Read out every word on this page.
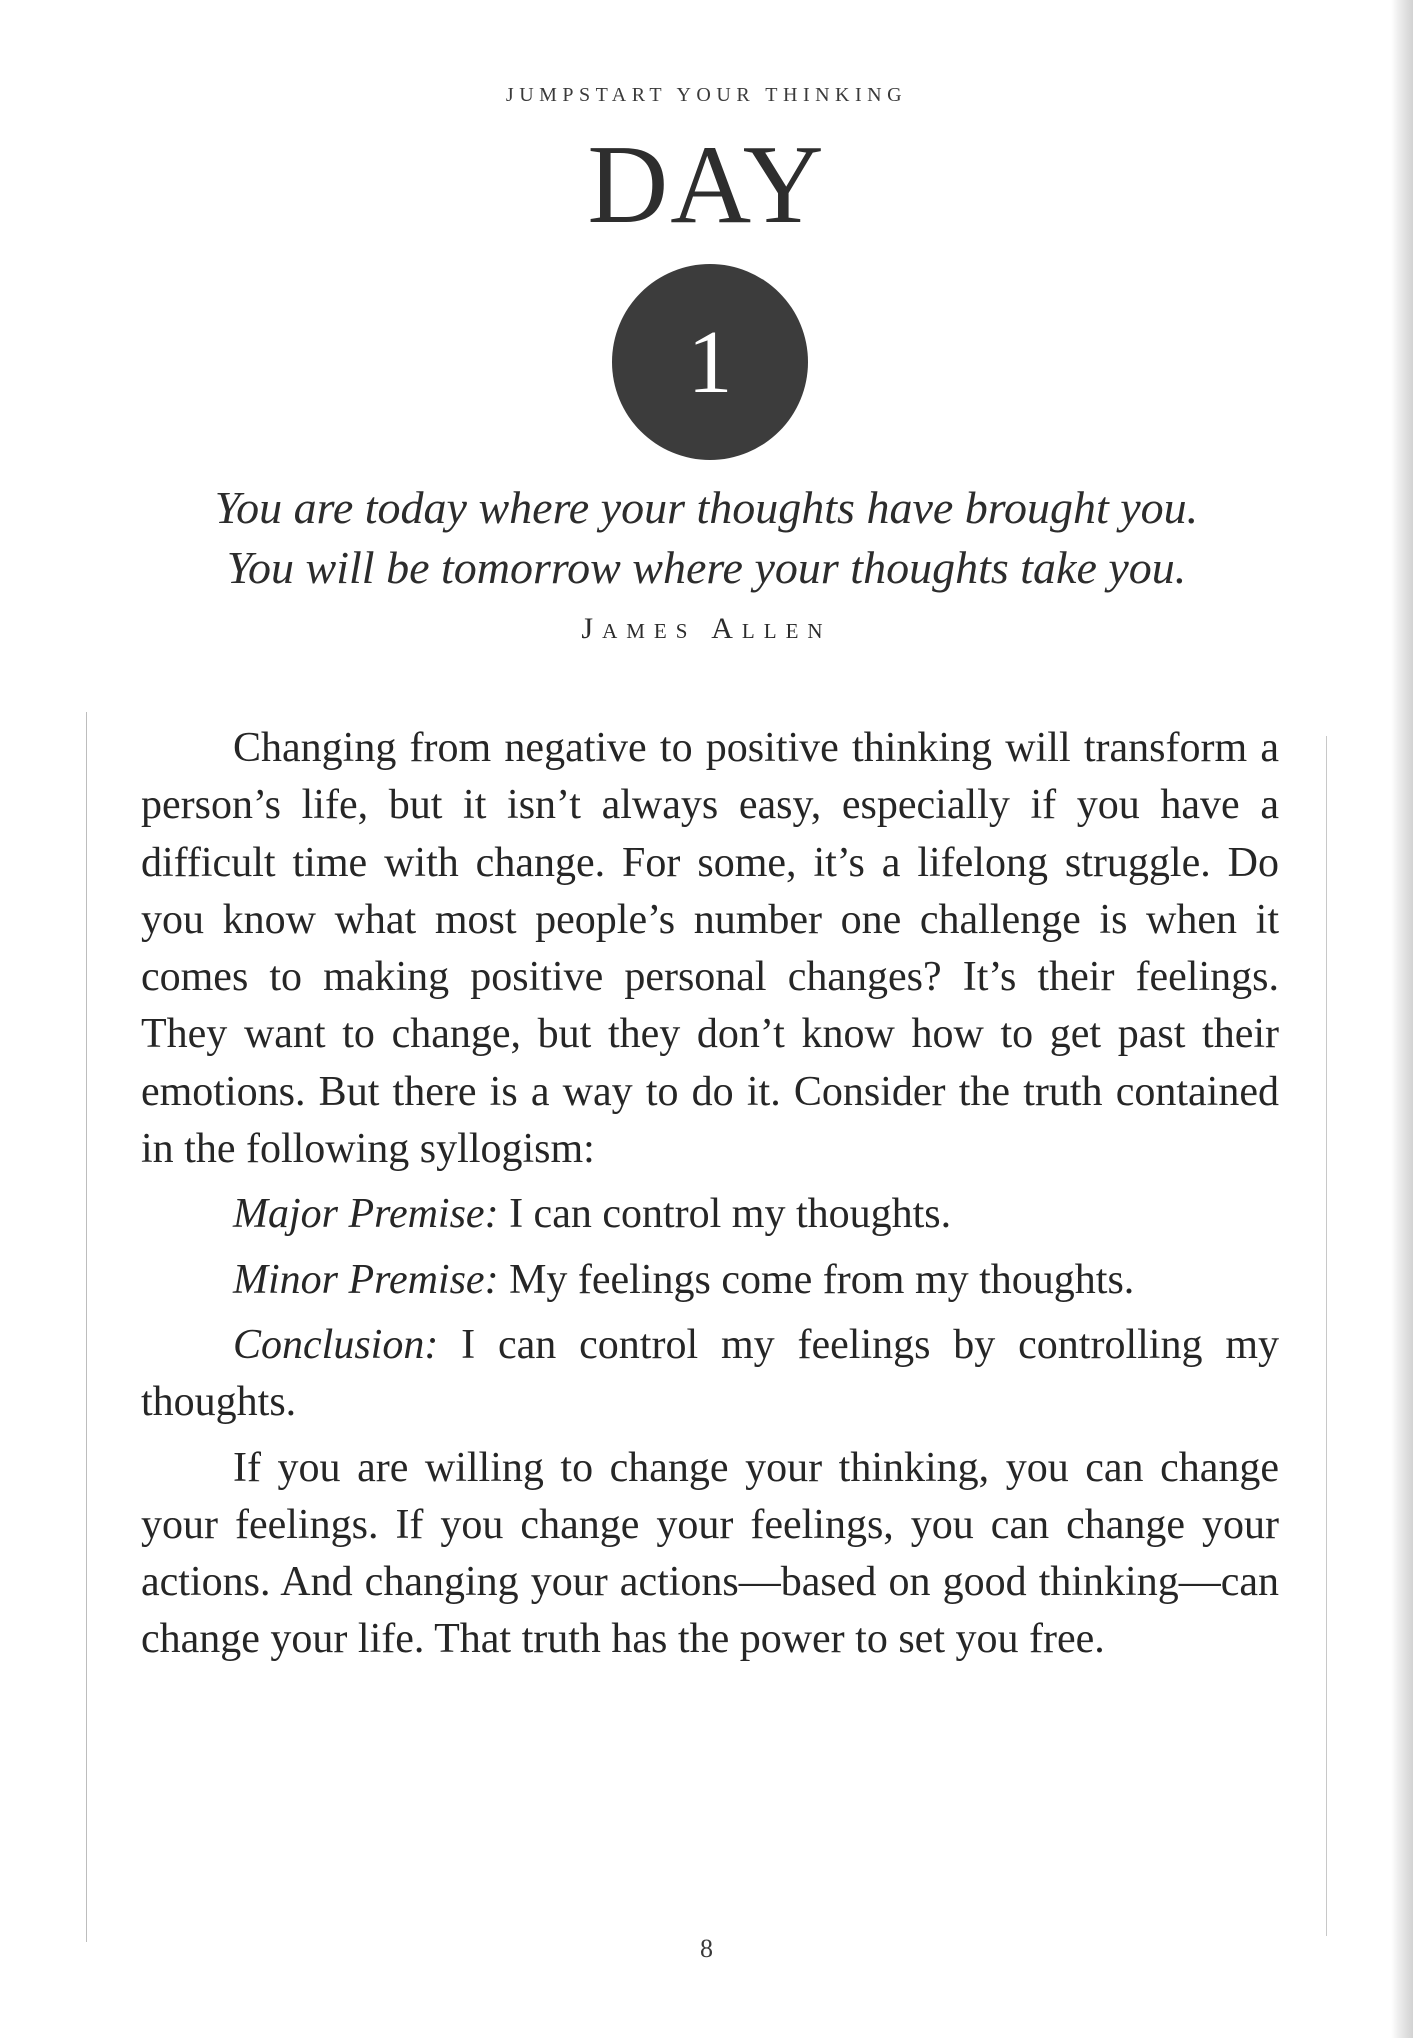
JUMPSTART YOUR THINKING
DAY
1
You are today where your thoughts have brought you.
You will be tomorrow where your thoughts take you.
James Allen

Changing from negative to positive thinking will transform a person’s life, but it isn’t always easy, especially if you have a difficult time with change. For some, it’s a lifelong struggle. Do you know what most people’s number one challenge is when it comes to making positive personal changes? It’s their feelings. They want to change, but they don’t know how to get past their emotions. But there is a way to do it. Consider the truth contained in the following syllogism:

Major Premise: I can control my thoughts.

Minor Premise: My feelings come from my thoughts.

Conclusion: I can control my feelings by controlling my thoughts.

If you are willing to change your thinking, you can change your feelings. If you change your feelings, you can change your actions. And changing your actions—based on good thinking—can change your life. That truth has the power to set you free.

8
